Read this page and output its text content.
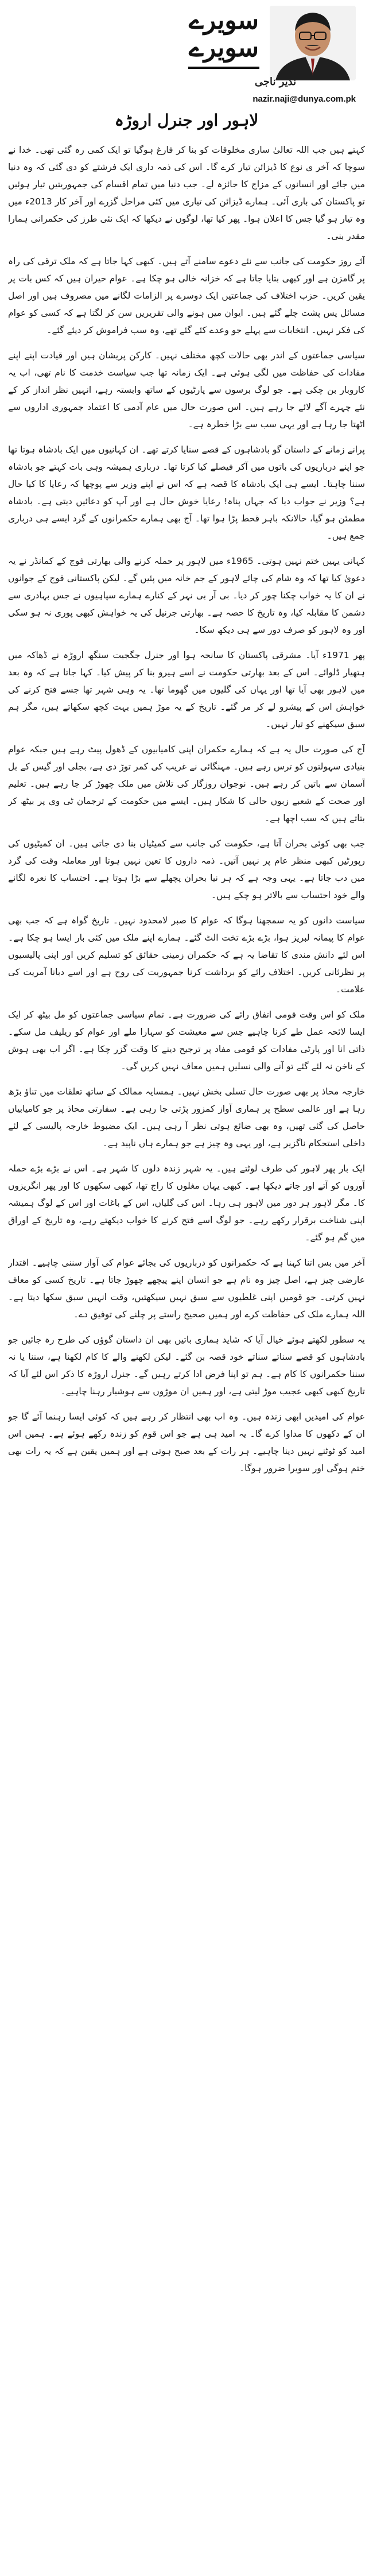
سویرے سویرے
نذیر ناجی
nazir.naji@dunya.com.pk
لاہور اور جنرل اروڑہ

کہتے ہیں جب اللہ تعالیٰ ساری مخلوقات کو بنا کر فارغ ہوگیا تو ایک کمی رہ گئی تھی۔ خدا نے سوچا کہ آخر ی نوع کا ڈیزائن تیار کرے گا۔ اس کی ذمہ داری ایک فرشتے کو دی گئی کہ وہ دنیا میں جائے اور انسانوں کے مزاج کا جائزہ لے۔ جب دنیا میں تمام اقسام کی جمہوریتیں تیار ہوئیں تو پاکستان کی باری آئی۔ ہمارے ڈیزائن کی تیاری میں کئی مراحل گزرے اور آخر کار 2013ء میں وہ تیار ہو گیا جس کا اعلان ہوا۔ پھر کیا تھا، لوگوں نے دیکھا کہ ایک نئی طرز کی حکمرانی ہمارا مقدر بنی۔

آئے روز حکومت کی جانب سے نئے دعوے سامنے آتے ہیں۔ کبھی کہا جاتا ہے کہ ملک ترقی کی راہ پر گامزن ہے اور کبھی بتایا جاتا ہے کہ خزانہ خالی ہو چکا ہے۔ عوام حیران ہیں کہ کس بات پر یقین کریں۔ حزب اختلاف کی جماعتیں ایک دوسرے پر الزامات لگانے میں مصروف ہیں اور اصل مسائل پس پشت چلے گئے ہیں۔ ایوان میں ہونے والی تقریریں سن کر لگتا ہے کہ کسی کو عوام کی فکر نہیں۔ انتخابات سے پہلے جو وعدے کئے گئے تھے، وہ سب فراموش کر دیئے گئے۔

سیاسی جماعتوں کے اندر بھی حالات کچھ مختلف نہیں۔ کارکن پریشان ہیں اور قیادت اپنے اپنے مفادات کی حفاظت میں لگی ہوئی ہے۔ ایک زمانہ تھا جب سیاست خدمت کا نام تھی، اب یہ کاروبار بن چکی ہے۔ جو لوگ برسوں سے پارٹیوں کے ساتھ وابستہ رہے، انہیں نظر انداز کر کے نئے چہرے آگے لائے جا رہے ہیں۔ اس صورت حال میں عام آدمی کا اعتماد جمہوری اداروں سے اٹھتا جا رہا ہے اور یہی سب سے بڑا خطرہ ہے۔

پرانے زمانے کے داستان گو بادشاہوں کے قصے سنایا کرتے تھے۔ ان کہانیوں میں ایک بادشاہ ہوتا تھا جو اپنے درباریوں کی باتوں میں آکر فیصلے کیا کرتا تھا۔ درباری ہمیشہ وہی بات کہتے جو بادشاہ سننا چاہتا۔ ایسے ہی ایک بادشاہ کا قصہ ہے کہ اس نے اپنے وزیر سے پوچھا کہ رعایا کا کیا حال ہے؟ وزیر نے جواب دیا کہ جہاں پناہ! رعایا خوش حال ہے اور آپ کو دعائیں دیتی ہے۔ بادشاہ مطمئن ہو گیا، حالانکہ باہر قحط پڑا ہوا تھا۔ آج بھی ہمارے حکمرانوں کے گرد ایسے ہی درباری جمع ہیں۔

کہانی یہیں ختم نہیں ہوتی۔ 1965ء میں لاہور پر حملہ کرنے والی بھارتی فوج کے کمانڈر نے یہ دعویٰ کیا تھا کہ وہ شام کی چائے لاہور کے جم خانہ میں پئیں گے۔ لیکن پاکستانی فوج کے جوانوں نے ان کا یہ خواب چکنا چور کر دیا۔ بی آر بی نہر کے کنارے ہمارے سپاہیوں نے جس بہادری سے دشمن کا مقابلہ کیا، وہ تاریخ کا حصہ ہے۔ بھارتی جرنیل کی یہ خواہش کبھی پوری نہ ہو سکی اور وہ لاہور کو صرف دور سے ہی دیکھ سکا۔

پھر 1971ء آیا۔ مشرقی پاکستان کا سانحہ ہوا اور جنرل جگجیت سنگھ اروڑہ نے ڈھاکہ میں ہتھیار ڈلوائے۔ اس کے بعد بھارتی حکومت نے اسے ہیرو بنا کر پیش کیا۔ کہا جاتا ہے کہ وہ بعد میں لاہور بھی آیا تھا اور یہاں کی گلیوں میں گھوما تھا۔ یہ وہی شہر تھا جسے فتح کرنے کی خواہش اس کے پیشرو لے کر مر گئے۔ تاریخ کے یہ موڑ ہمیں بہت کچھ سکھاتے ہیں، مگر ہم سبق سیکھنے کو تیار نہیں۔

آج کی صورت حال یہ ہے کہ ہمارے حکمران اپنی کامیابیوں کے ڈھول پیٹ رہے ہیں جبکہ عوام بنیادی سہولتوں کو ترس رہے ہیں۔ مہنگائی نے غریب کی کمر توڑ دی ہے، بجلی اور گیس کے بل آسمان سے باتیں کر رہے ہیں۔ نوجوان روزگار کی تلاش میں ملک چھوڑ کر جا رہے ہیں۔ تعلیم اور صحت کے شعبے زبوں حالی کا شکار ہیں۔ ایسے میں حکومت کے ترجمان ٹی وی پر بیٹھ کر بتاتے ہیں کہ سب اچھا ہے۔

جب بھی کوئی بحران آتا ہے، حکومت کی جانب سے کمیٹیاں بنا دی جاتی ہیں۔ ان کمیٹیوں کی رپورٹیں کبھی منظر عام پر نہیں آتیں۔ ذمہ داروں کا تعین نہیں ہوتا اور معاملہ وقت کی گرد میں دب جاتا ہے۔ یہی وجہ ہے کہ ہر نیا بحران پچھلے سے بڑا ہوتا ہے۔ احتساب کا نعرہ لگانے والے خود احتساب سے بالاتر ہو چکے ہیں۔

سیاست دانوں کو یہ سمجھنا ہوگا کہ عوام کا صبر لامحدود نہیں۔ تاریخ گواہ ہے کہ جب بھی عوام کا پیمانہ لبریز ہوا، بڑے بڑے تخت الٹ گئے۔ ہمارے اپنے ملک میں کئی بار ایسا ہو چکا ہے۔ اس لئے دانش مندی کا تقاضا یہ ہے کہ حکمران زمینی حقائق کو تسلیم کریں اور اپنی پالیسیوں پر نظرثانی کریں۔ اختلاف رائے کو برداشت کرنا جمہوریت کی روح ہے اور اسے دبانا آمریت کی علامت۔

ملک کو اس وقت قومی اتفاق رائے کی ضرورت ہے۔ تمام سیاسی جماعتوں کو مل بیٹھ کر ایک ایسا لائحہ عمل طے کرنا چاہیے جس سے معیشت کو سہارا ملے اور عوام کو ریلیف مل سکے۔ ذاتی انا اور پارٹی مفادات کو قومی مفاد پر ترجیح دینے کا وقت گزر چکا ہے۔ اگر اب بھی ہوش کے ناخن نہ لئے گئے تو آنے والی نسلیں ہمیں معاف نہیں کریں گی۔

خارجہ محاذ پر بھی صورت حال تسلی بخش نہیں۔ ہمسایہ ممالک کے ساتھ تعلقات میں تناؤ بڑھ رہا ہے اور عالمی سطح پر ہماری آواز کمزور پڑتی جا رہی ہے۔ سفارتی محاذ پر جو کامیابیاں حاصل کی گئی تھیں، وہ بھی ضائع ہوتی نظر آ رہی ہیں۔ ایک مضبوط خارجہ پالیسی کے لئے داخلی استحکام ناگزیر ہے، اور یہی وہ چیز ہے جو ہمارے ہاں ناپید ہے۔

ایک بار پھر لاہور کی طرف لوٹتے ہیں۔ یہ شہر زندہ دلوں کا شہر ہے۔ اس نے بڑے بڑے حملہ آوروں کو آتے اور جاتے دیکھا ہے۔ کبھی یہاں مغلوں کا راج تھا، کبھی سکھوں کا اور پھر انگریزوں کا۔ مگر لاہور ہر دور میں لاہور ہی رہا۔ اس کی گلیاں، اس کے باغات اور اس کے لوگ ہمیشہ اپنی شناخت برقرار رکھے رہے۔ جو لوگ اسے فتح کرنے کا خواب دیکھتے رہے، وہ تاریخ کے اوراق میں گم ہو گئے۔

آخر میں بس اتنا کہنا ہے کہ حکمرانوں کو درباریوں کی بجائے عوام کی آواز سننی چاہیے۔ اقتدار عارضی چیز ہے، اصل چیز وہ نام ہے جو انسان اپنے پیچھے چھوڑ جاتا ہے۔ تاریخ کسی کو معاف نہیں کرتی۔ جو قومیں اپنی غلطیوں سے سبق نہیں سیکھتیں، وقت انہیں سبق سکھا دیتا ہے۔ اللہ ہمارے ملک کی حفاظت کرے اور ہمیں صحیح راستے پر چلنے کی توفیق دے۔

یہ سطور لکھتے ہوئے خیال آیا کہ شاید ہماری باتیں بھی ان داستان گوؤں کی طرح رہ جائیں جو بادشاہوں کو قصے سناتے سناتے خود قصہ بن گئے۔ لیکن لکھنے والے کا کام لکھنا ہے، سننا یا نہ سننا حکمرانوں کا کام ہے۔ ہم تو اپنا فرض ادا کرتے رہیں گے۔ جنرل اروڑہ کا ذکر اس لئے آیا کہ تاریخ کبھی کبھی عجیب موڑ لیتی ہے، اور ہمیں ان موڑوں سے ہوشیار رہنا چاہیے۔

عوام کی امیدیں ابھی زندہ ہیں۔ وہ اب بھی انتظار کر رہے ہیں کہ کوئی ایسا رہنما آئے گا جو ان کے دکھوں کا مداوا کرے گا۔ یہ امید ہی ہے جو اس قوم کو زندہ رکھے ہوئے ہے۔ ہمیں اس امید کو ٹوٹنے نہیں دینا چاہیے۔ ہر رات کے بعد صبح ہوتی ہے اور ہمیں یقین ہے کہ یہ رات بھی ختم ہوگی اور سویرا ضرور ہوگا۔
